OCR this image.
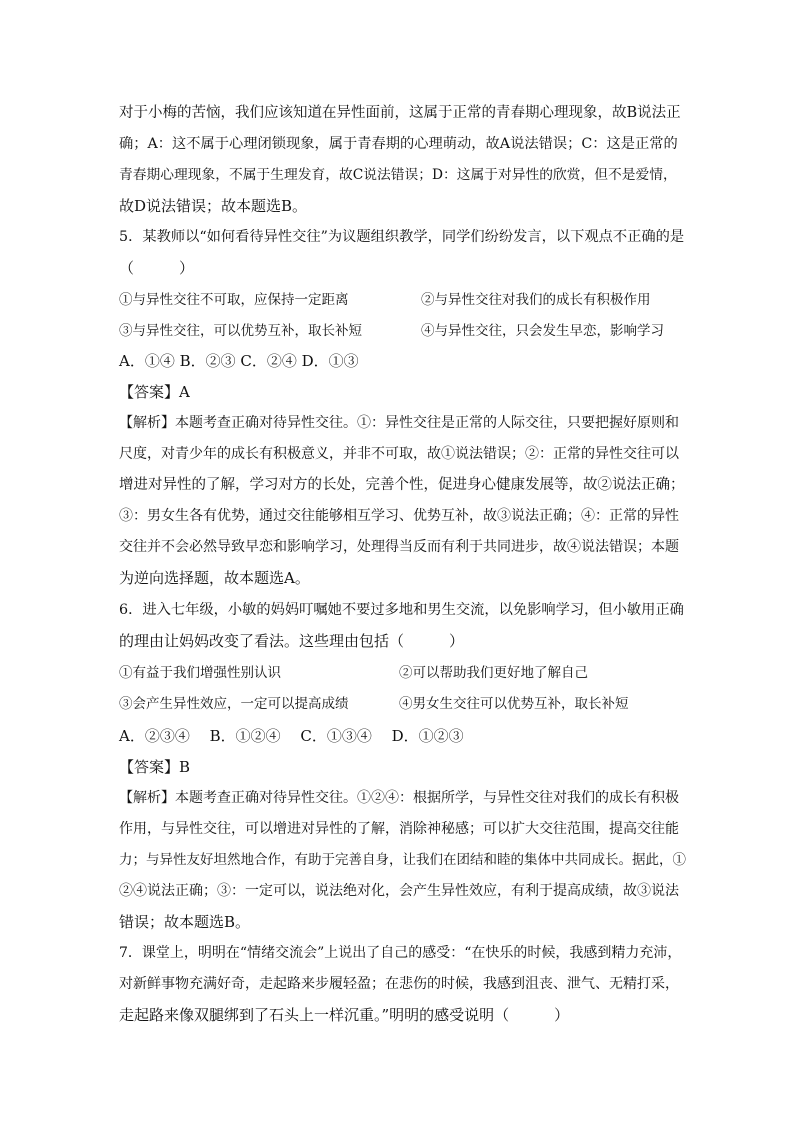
对于小梅的苦恼，我们应该知道在异性面前，这属于正常的青春期心理现象，故B说法正
确；A：这不属于心理闭锁现象，属于青春期的心理萌动，故A说法错误；C：这是正常的
青春期心理现象，不属于生理发育，故C说法错误；D：这属于对异性的欣赏，但不是爱情，
故D说法错误；故本题选B。
5．某教师以“如何看待异性交往”为议题组织教学，同学们纷纷发言，以下观点不正确的是
（　　　）
①与异性交往不可取，应保持一定距离	②与异性交往对我们的成长有积极作用
③与异性交往，可以优势互补，取长补短	④与异性交往，只会发生早恋，影响学习
A．①④ B．②③ C．②④ D．①③
【答案】A
【解析】本题考查正确对待异性交往。①：异性交往是正常的人际交往，只要把握好原则和
尺度，对青少年的成长有积极意义，并非不可取，故①说法错误；②：正常的异性交往可以
增进对异性的了解，学习对方的长处，完善个性，促进身心健康发展等，故②说法正确；
③：男女生各有优势，通过交往能够相互学习、优势互补，故③说法正确；④：正常的异性
交往并不会必然导致早恋和影响学习，处理得当反而有利于共同进步，故④说法错误；本题
为逆向选择题，故本题选A。
6．进入七年级，小敏的妈妈叮嘱她不要过多地和男生交流，以免影响学习，但小敏用正确
的理由让妈妈改变了看法。这些理由包括（　　　）
①有益于我们增强性别认识	②可以帮助我们更好地了解自己
③会产生异性效应，一定可以提高成绩	④男女生交往可以优势互补，取长补短
A．②③④　 B．①②④　 C．①③④　 D．①②③
【答案】B
【解析】本题考查正确对待异性交往。①②④：根据所学，与异性交往对我们的成长有积极
作用，与异性交往，可以增进对异性的了解，消除神秘感；可以扩大交往范围，提高交往能
力；与异性友好坦然地合作，有助于完善自身，让我们在团结和睦的集体中共同成长。据此，①
②④说法正确；③：一定可以，说法绝对化，会产生异性效应，有利于提高成绩，故③说法
错误；故本题选B。
7．课堂上，明明在“情绪交流会”上说出了自己的感受：“在快乐的时候，我感到精力充沛，
对新鲜事物充满好奇，走起路来步履轻盈；在悲伤的时候，我感到沮丧、泄气、无精打采，
走起路来像双腿绑到了石头上一样沉重。”明明的感受说明（　　　）
